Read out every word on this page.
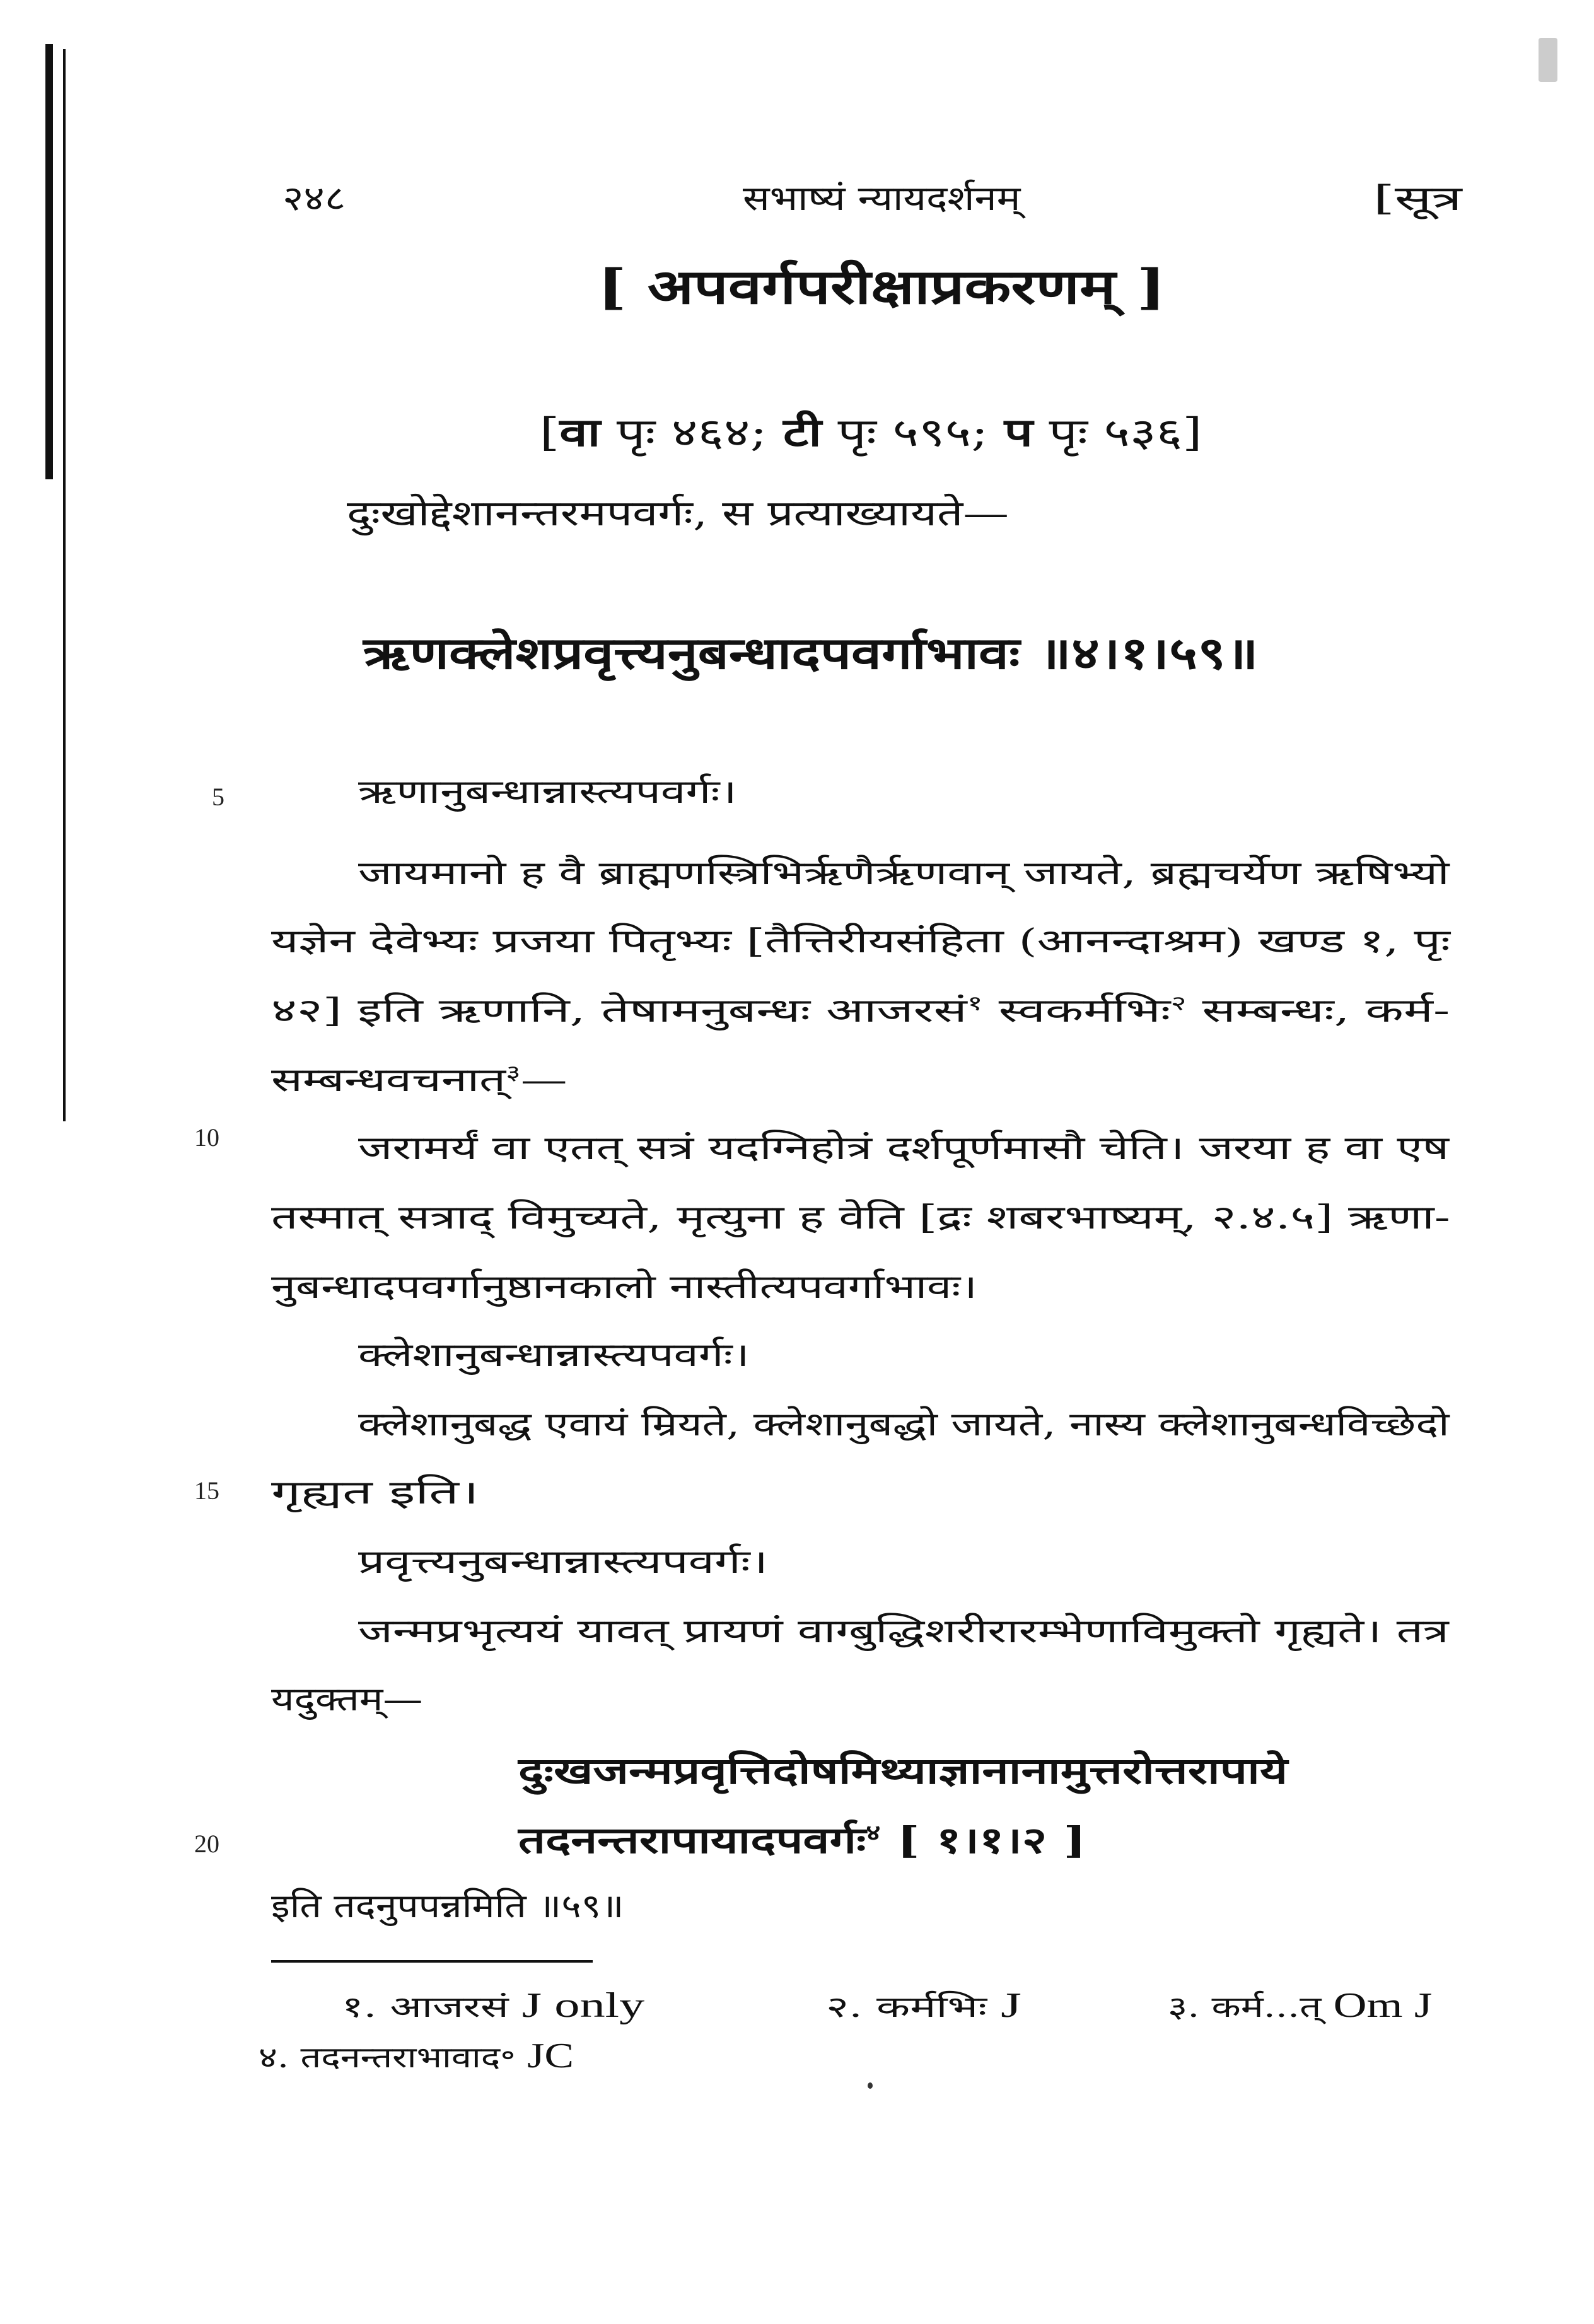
२४८	सभाष्यं न्यायदर्शनम्	[सूत्र
[ अपवर्गपरीक्षाप्रकरणम् ]
[वा पृः ४६४; टी पृः ५९५; प पृः ५३६]
दुःखोद्देशानन्तरमपवर्गः, स प्रत्याख्यायते—
ऋणक्लेशप्रवृत्त्यनुबन्धादपवर्गाभावः ॥४।१।५९॥
5
10
15
20
ऋणानुबन्धान्नास्त्यपवर्गः।
जायमानो ह वै ब्राह्मणस्त्रिभिर्ऋणैर्ऋणवान् जायते, ब्रह्मचर्येण ऋषिभ्यो
यज्ञेन देवेभ्यः प्रजया पितृभ्यः [तैत्तिरीयसंहिता (आनन्दाश्रम) खण्ड १, पृः
४२] इति ऋणानि, तेषामनुबन्धः आजरसं$^१$ स्वकर्मभिः$^२$ सम्बन्धः, कर्म-
सम्बन्धवचनात्$^३$—
जरामर्यं वा एतत् सत्रं यदग्निहोत्रं दर्शपूर्णमासौ चेति। जरया ह वा एष
तस्मात् सत्राद् विमुच्यते, मृत्युना ह वेति [द्रः शबरभाष्यम्, २.४.५] ऋणा-
नुबन्धादपवर्गानुष्ठानकालो नास्तीत्यपवर्गाभावः।
क्लेशानुबन्धान्नास्त्यपवर्गः।
क्लेशानुबद्ध एवायं म्रियते, क्लेशानुबद्धो जायते, नास्य क्लेशानुबन्धविच्छेदो
गृह्यत इति।
प्रवृत्त्यनुबन्धान्नास्त्यपवर्गः।
जन्मप्रभृत्ययं यावत् प्रायणं वाग्बुद्धिशरीरारम्भेणाविमुक्तो गृह्यते। तत्र
यदुक्तम्—
दुःखजन्मप्रवृत्तिदोषमिथ्याज्ञानानामुत्तरोत्तरापाये
तदनन्तरापायादपवर्गः$^४$ [ १।१।२ ]
इति तदनुपपन्नमिति ॥५९॥
१. आजरसं J only	२. कर्मभिः J	३. कर्म...त् Om J
४. तदनन्तराभावाद॰ JC
